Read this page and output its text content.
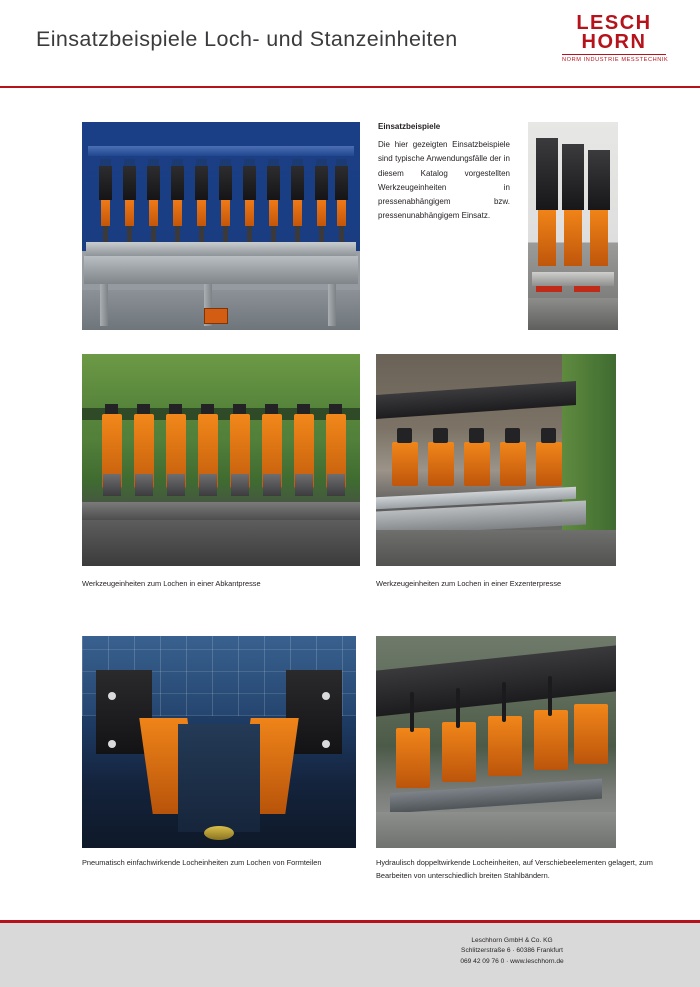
Einsatzbeispiele Loch- und Stanzeinheiten
LESCH
HORN
NORM INDUSTRIE MESSTECHNIK
Einsatzbeispiele
Die hier gezeigten Einsatzbeispiele sind typische Anwendungsfälle der in diesem Katalog vorgestellten Werkzeugeinheiten in pressenabhängigem bzw. pressenunabhängigem Einsatz.
Werkzeugeinheiten zum Lochen in einer Abkantpresse	Werkzeugeinheiten zum Lochen in einer Exzenterpresse
Pneumatisch einfachwirkende Locheinheiten zum Lochen von Formteilen	Hydraulisch doppeltwirkende Locheinheiten, auf Verschiebeelementen gelagert, zum Bearbeiten von unterschiedlich breiten Stahlbändern.
Leschhorn GmbH & Co. KG
Schlitzerstraße 6 · 60386 Frankfurt
069 42 09 76 0 · www.leschhorn.de
